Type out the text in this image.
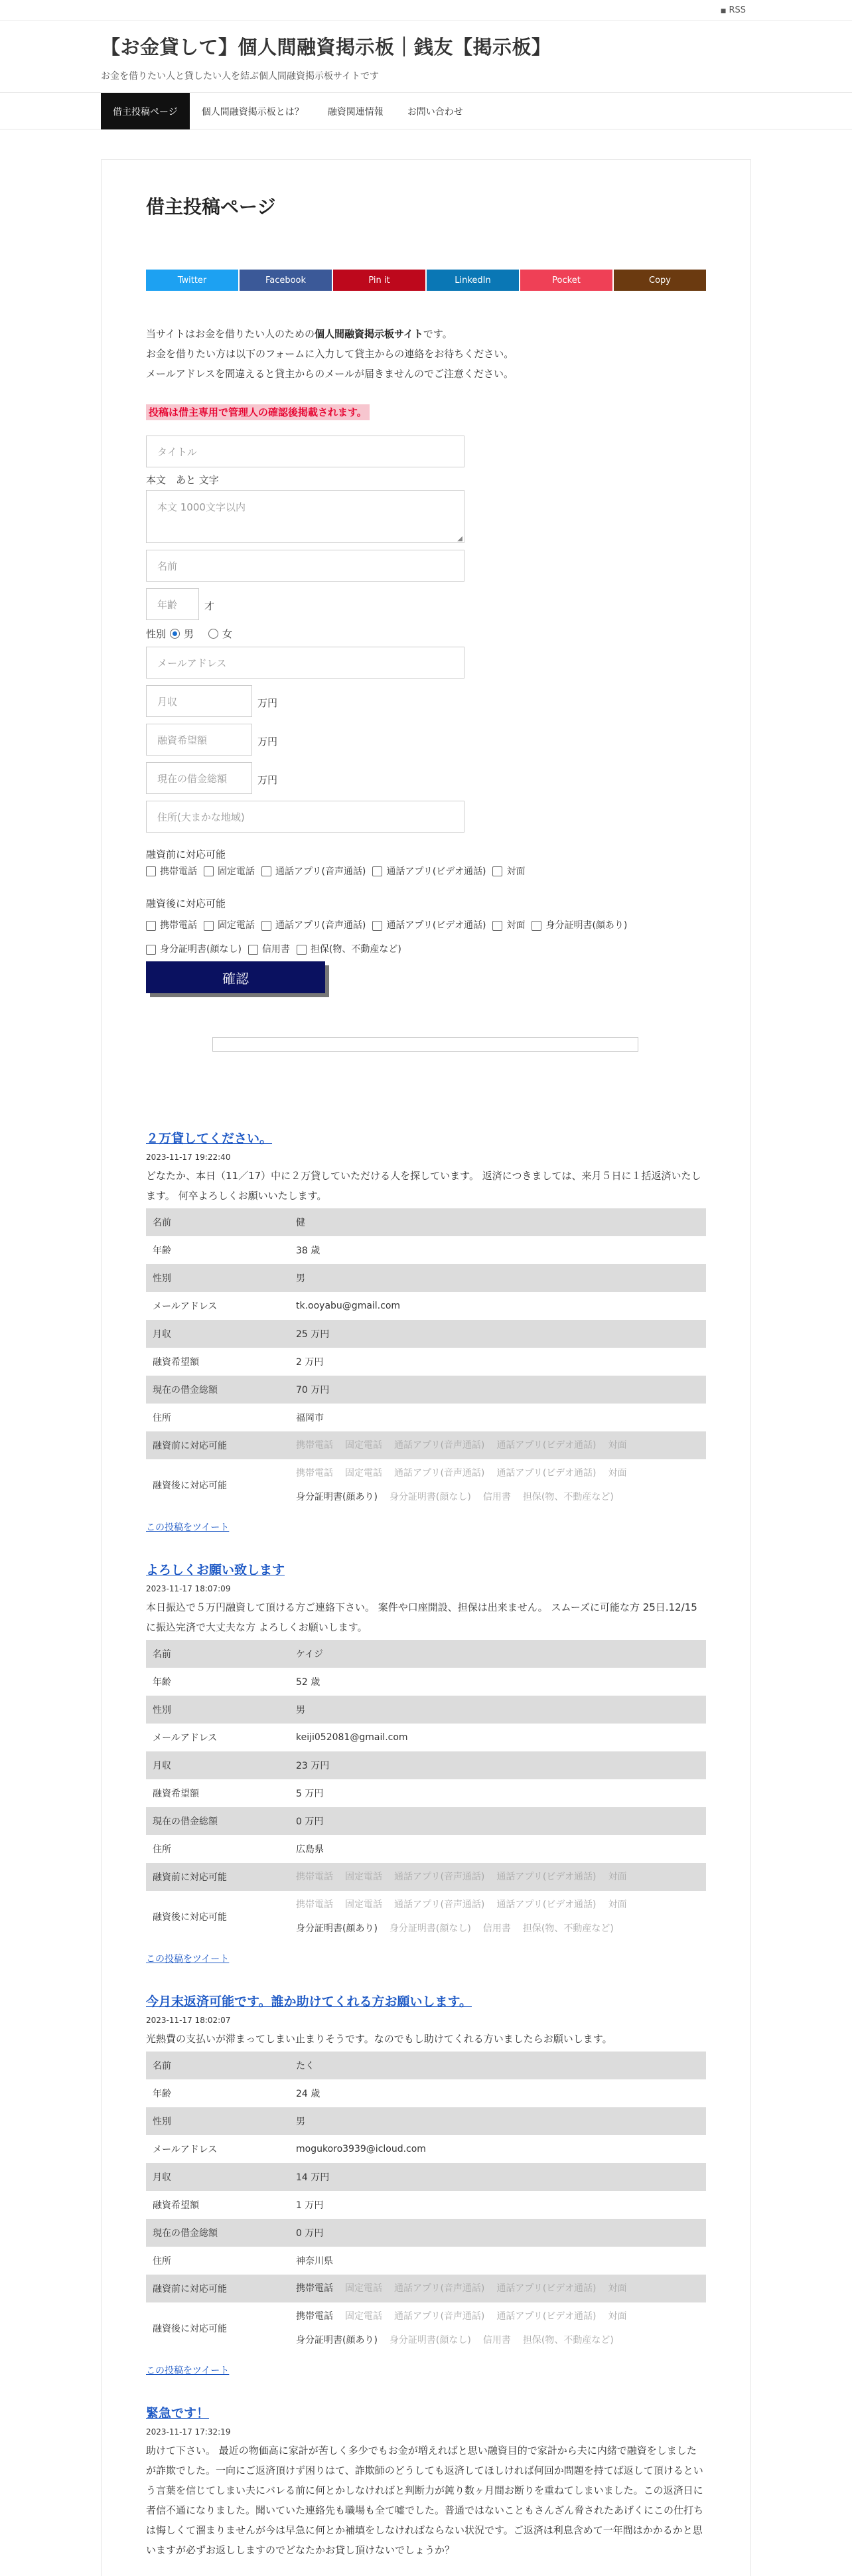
■ RSS
【お金貸して】個人間融資掲示板｜銭友【掲示板】
お金を借りたい人と貸したい人を結ぶ個人間融資掲示板サイトです
借主投稿ページ	個人間融資掲示板とは？	融資関連情報	お問い合わせ
借主投稿ページ
Twitter	Facebook	Pin it	LinkedIn	Pocket	Copy
当サイトはお金を借りたい人のための個人間融資掲示板サイトです。
お金を借りたい方は以下のフォームに入力して貸主からの連絡をお待ちください。
メールアドレスを間違えると貸主からのメールが届きませんのでご注意ください。
投稿は借主専用で管理人の確認後掲載されます。
タイトル
本文　あと 文字
本文 1000文字以内
◢
名前
年齢	才
性別 男	女
メールアドレス
月収	万円
融資希望額	万円
現在の借金総額	万円
住所(大まかな地域)
融資前に対応可能
携帯電話 固定電話 通話アプリ(音声通話) 通話アプリ(ビデオ通話) 対面
融資後に対応可能
携帯電話 固定電話 通話アプリ(音声通話) 通話アプリ(ビデオ通話) 対面 身分証明書(顔あり)
身分証明書(顔なし) 信用書 担保(物、不動産など)
確認
２万貸してください。
2023-11-17 19:22:40
どなたか、本日（11／17）中に２万貸していただける人を探しています。 返済につきましては、来月５日に１括返済いたします。 何卒よろしくお願いいたします。
名前	健
年齢	38 歳
性別	男
メールアドレス	tk.ooyabu@gmail.com
月収	25 万円
融資希望額	2 万円
現在の借金総額	70 万円
住所	福岡市
融資前に対応可能	携帯電話 固定電話 通話アプリ(音声通話) 通話アプリ(ビデオ通話) 対面

融資後に対応可能	携帯電話 固定電話 通話アプリ(音声通話) 通話アプリ(ビデオ通話) 対面
身分証明書(顔あり) 身分証明書(顔なし) 信用書 担保(物、不動産など)
この投稿をツイート
よろしくお願い致します
2023-11-17 18:07:09
本日振込で５万円融資して頂ける方ご連絡下さい。 案件や口座開設、担保は出来ません。 スムーズに可能な方 25日.12/15に振込完済で大丈夫な方 よろしくお願いします。
名前	ケイジ
年齢	52 歳
性別	男
メールアドレス	keiji052081@gmail.com
月収	23 万円
融資希望額	5 万円
現在の借金総額	0 万円
住所	広島県
融資前に対応可能	携帯電話 固定電話 通話アプリ(音声通話) 通話アプリ(ビデオ通話) 対面

融資後に対応可能	携帯電話 固定電話 通話アプリ(音声通話) 通話アプリ(ビデオ通話) 対面
身分証明書(顔あり) 身分証明書(顔なし) 信用書 担保(物、不動産など)
この投稿をツイート
今月末返済可能です。誰か助けてくれる方お願いします。
2023-11-17 18:02:07
光熱費の支払いが滞まってしまい止まりそうです。なのでもし助けてくれる方いましたらお願いします。
名前	たく
年齢	24 歳
性別	男
メールアドレス	mogukoro3939@icloud.com
月収	14 万円
融資希望額	1 万円
現在の借金総額	0 万円
住所	神奈川県
融資前に対応可能	携帯電話 固定電話 通話アプリ(音声通話) 通話アプリ(ビデオ通話) 対面

融資後に対応可能	携帯電話 固定電話 通話アプリ(音声通話) 通話アプリ(ビデオ通話) 対面
身分証明書(顔あり) 身分証明書(顔なし) 信用書 担保(物、不動産など)
この投稿をツイート
緊急です！
2023-11-17 17:32:19
助けて下さい。 最近の物価高に家計が苦しく多少でもお金が増えればと思い融資目的で家計から夫に内緒で融資をしましたが詐欺でした。一向にご返済頂けず困りはて、詐欺師のどうしても返済してほしければ何回か問題を持てば返して頂けるという言葉を信じてしまい夫にバレる前に何とかしなければと判断力が鈍り数ヶ月間お断りを重ねてしまいました。この返済日に者信不通になりました。聞いていた連絡先も職場も全て嘘でした。普通ではないこともさんざん脅されたあげくにこの仕打ちは悔しくて溜まりませんが今は早急に何とか補填をしなければならない状況です。ご返済は利息含めて一年間はかかるかと思いますが必ずお返ししますのでどなたかお貸し頂けないでしょうか？
